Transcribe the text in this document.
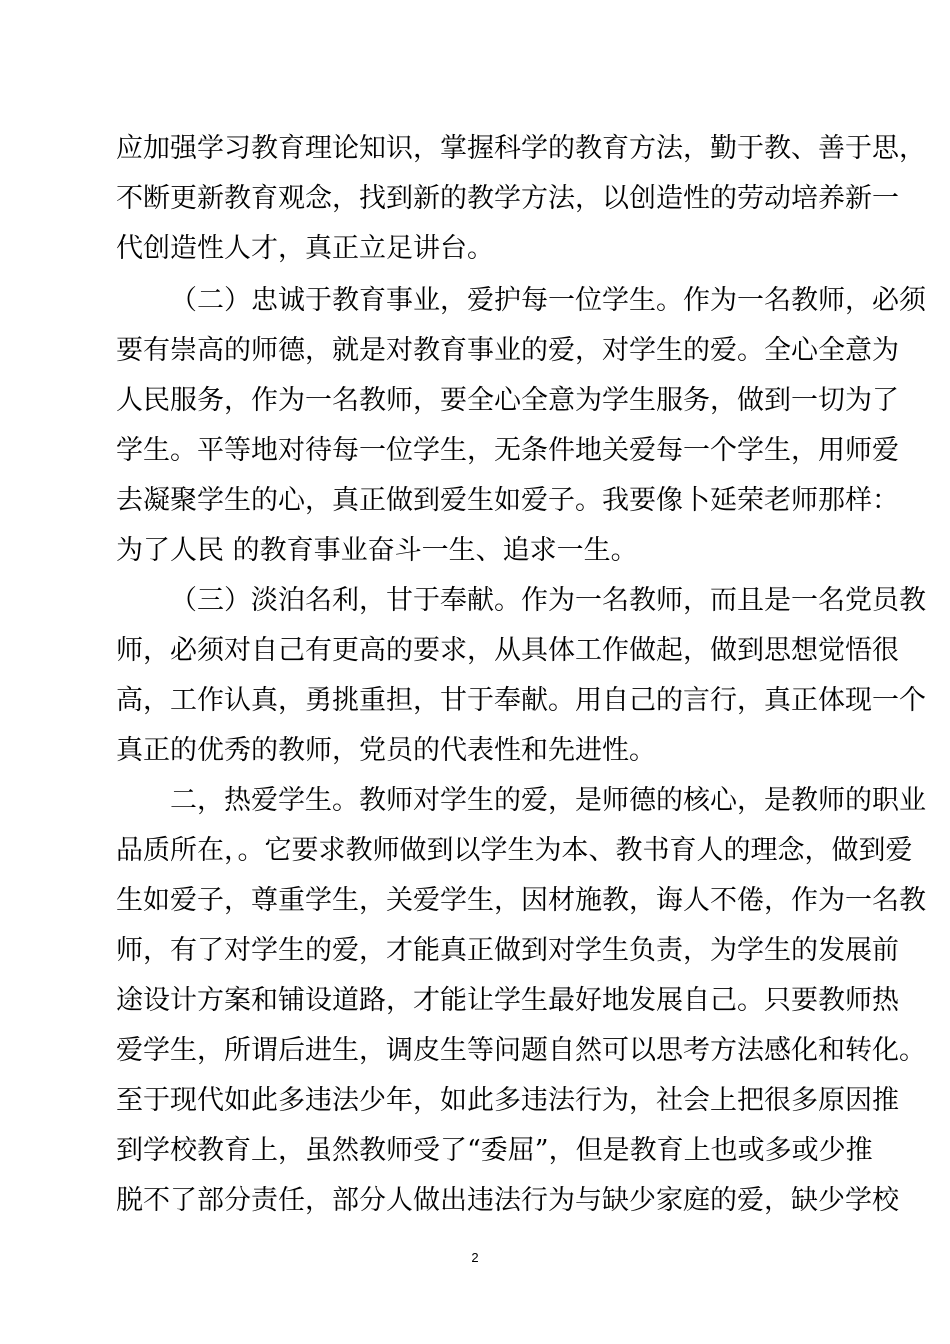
应加强学习教育理论知识，掌握科学的教育方法，勤于教、善于思，
不断更新教育观念，找到新的教学方法，以创造性的劳动培养新一
代创造性人才，真正立足讲台。
（二）忠诚于教育事业，爱护每一位学生。作为一名教师，必须
要有崇高的师德，就是对教育事业的爱，对学生的爱。全心全意为
人民服务，作为一名教师，要全心全意为学生服务，做到一切为了
学生。平等地对待每一位学生，无条件地关爱每一个学生，用师爱
去凝聚学生的心，真正做到爱生如爱子。我要像卜延荣老师那样：
为了人民 的教育事业奋斗一生、追求一生。
（三）淡泊名利，甘于奉献。作为一名教师，而且是一名党员教
师，必须对自己有更高的要求，从具体工作做起，做到思想觉悟很
高，工作认真，勇挑重担，甘于奉献。用自己的言行，真正体现一个
真正的优秀的教师，党员的代表性和先进性。
二，热爱学生。教师对学生的爱，是师德的核心，是教师的职业
品质所在，。它要求教师做到以学生为本、教书育人的理念，做到爱
生如爱子，尊重学生，关爱学生，因材施教，诲人不倦，作为一名教
师，有了对学生的爱，才能真正做到对学生负责，为学生的发展前
途设计方案和铺设道路，才能让学生最好地发展自己。只要教师热
爱学生，所谓后进生，调皮生等问题自然可以思考方法感化和转化。
至于现代如此多违法少年，如此多违法行为，社会上把很多原因推
到学校教育上，虽然教师受了“委屈”，但是教育上也或多或少推
脱不了部分责任，部分人做出违法行为与缺少家庭的爱，缺少学校
2
